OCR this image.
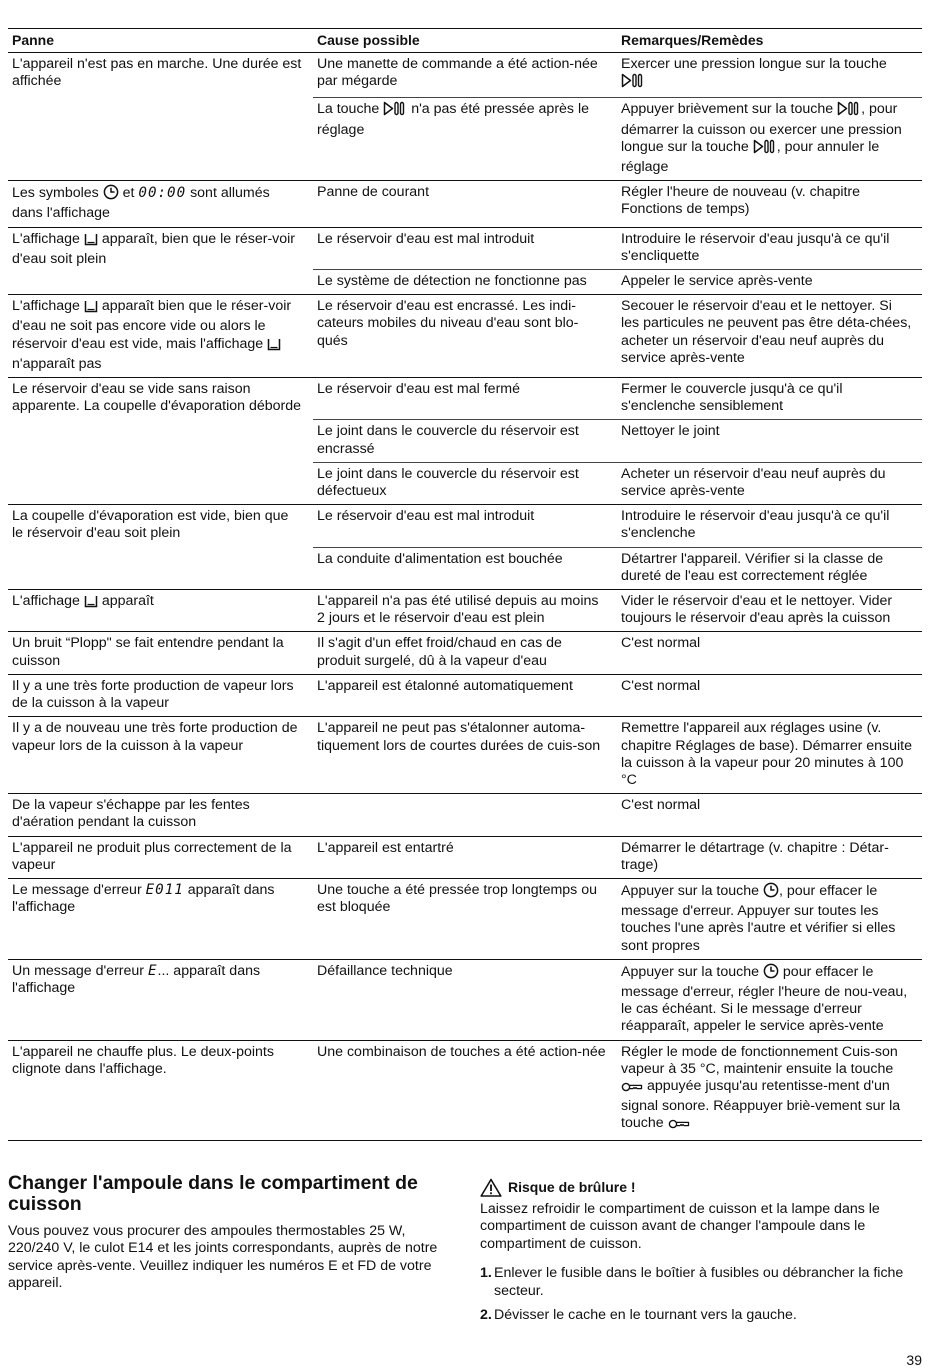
Panne	Cause possible	Remarques/Remèdes
L'appareil n'est pas en marche. Une durée est affichée	Une manette de commande a été action-née par mégarde	Exercer une pression longue sur la touche
	La touche  n'a pas été pressée après le réglage	Appuyer brièvement sur la touche , pour démarrer la cuisson ou exercer une pression longue sur la touche , pour annuler le réglage
Les symboles  et 00:00 sont allumés dans l'affichage	Panne de courant	Régler l'heure de nouveau (v. chapitre Fonctions de temps)
L'affichage  apparaît, bien que le réser-voir d'eau soit plein	Le réservoir d'eau est mal introduit	Introduire le réservoir d'eau jusqu'à ce qu'il s'encliquette
	Le système de détection ne fonctionne pas	Appeler le service après-vente
L'affichage  apparaît bien que le réser-voir d'eau ne soit pas encore vide ou alors le réservoir d'eau est vide, mais l'affichage  n'apparaît pas	Le réservoir d'eau est encrassé. Les indi-cateurs mobiles du niveau d'eau sont blo-qués	Secouer le réservoir d'eau et le nettoyer. Si les particules ne peuvent pas être déta-chées, acheter un réservoir d'eau neuf auprès du service après-vente
Le réservoir d'eau se vide sans raison apparente. La coupelle d'évaporation déborde	Le réservoir d'eau est mal fermé	Fermer le couvercle jusqu'à ce qu'il s'enclenche sensiblement
	Le joint dans le couvercle du réservoir est encrassé	Nettoyer le joint
	Le joint dans le couvercle du réservoir est défectueux	Acheter un réservoir d'eau neuf auprès du service après-vente
La coupelle d'évaporation est vide, bien que le réservoir d'eau soit plein	Le réservoir d'eau est mal introduit	Introduire le réservoir d'eau jusqu'à ce qu'il s'enclenche
	La conduite d'alimentation est bouchée	Détartrer l'appareil. Vérifier si la classe de dureté de l'eau est correctement réglée
L'affichage  apparaît	L'appareil n'a pas été utilisé depuis au moins 2 jours et le réservoir d'eau est plein	Vider le réservoir d'eau et le nettoyer. Vider toujours le réservoir d'eau après la cuisson
Un bruit “Plopp" se fait entendre pendant la cuisson	Il s'agit d'un effet froid/chaud en cas de produit surgelé, dû à la vapeur d'eau	C'est normal
Il y a une très forte production de vapeur lors de la cuisson à la vapeur	L'appareil est étalonné automatiquement	C'est normal
Il y a de nouveau une très forte production de vapeur lors de la cuisson à la vapeur	L'appareil ne peut pas s'étalonner automa-tiquement lors de courtes durées de cuis-son	Remettre l'appareil aux réglages usine (v. chapitre Réglages de base). Démarrer ensuite la cuisson à la vapeur pour 20 minutes à 100 °C
De la vapeur s'échappe par les fentes d'aération pendant la cuisson		C'est normal
L'appareil ne produit plus correctement de la vapeur	L'appareil est entartré	Démarrer le détartrage (v. chapitre : Détar-trage)
Le message d'erreur E011 apparaît dans l'affichage	Une touche a été pressée trop longtemps ou est bloquée	Appuyer sur la touche , pour effacer le message d'erreur. Appuyer sur toutes les touches l'une après l'autre et vérifier si elles sont propres
Un message d'erreur E... apparaît dans l'affichage	Défaillance technique	Appuyer sur la touche  pour effacer le message d'erreur, régler l'heure de nou-veau, le cas échéant. Si le message d'erreur réapparaît, appeler le service après-vente
L'appareil ne chauffe plus. Le deux-points clignote dans l'affichage.	Une combinaison de touches a été action-née	Régler le mode de fonctionnement Cuis-son vapeur à 35 °C, maintenir ensuite la touche  appuyée jusqu'au retentisse-ment d'un signal sonore. Réappuyer briè-vement sur la touche
Changer l'ampoule dans le compartiment de cuisson

Vous pouvez vous procurer des ampoules thermostables 25 W, 220/240 V, le culot E14 et les joints correspondants, auprès de notre service après-vente. Veuillez indiquer les numéros E et FD de votre appareil.

Risque de brûlure !

Laissez refroidir le compartiment de cuisson et la lampe dans le compartiment de cuisson avant de changer l'ampoule dans le compartiment de cuisson.

1. Enlever le fusible dans le boîtier à fusibles ou débrancher la fiche secteur.
2. Dévisser le cache en le tournant vers la gauche.
39
